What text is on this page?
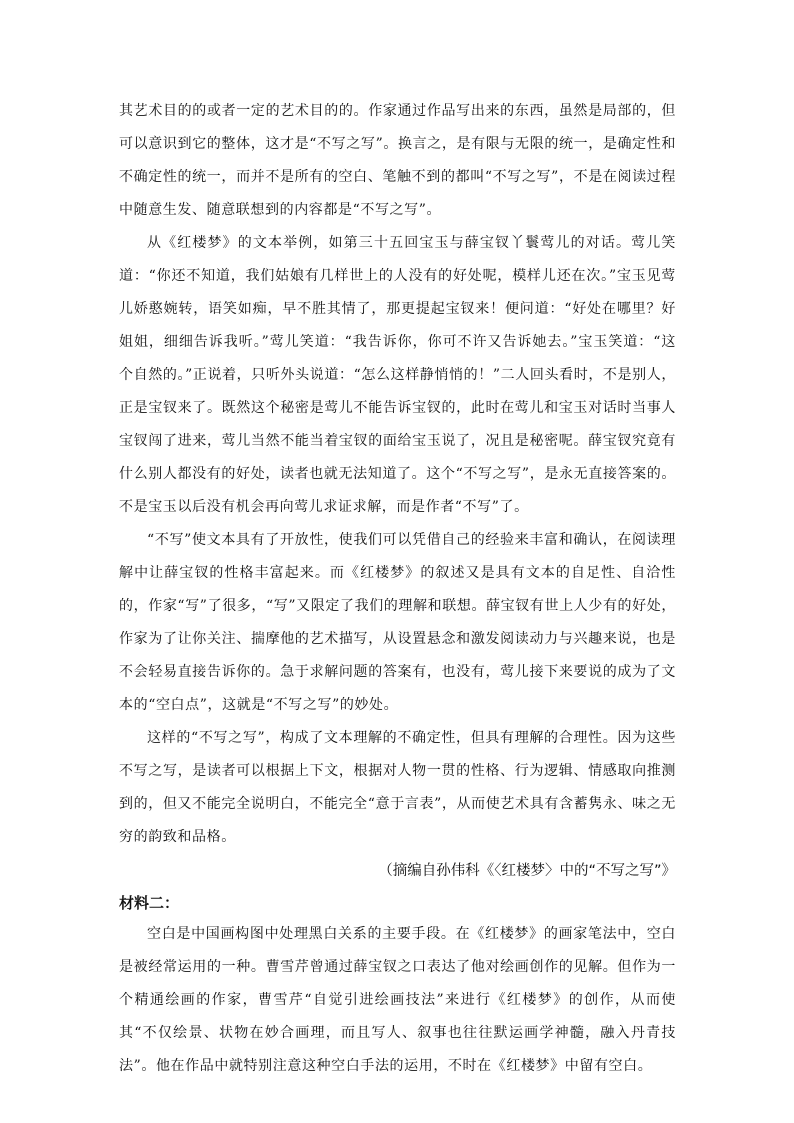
其艺术目的的或者一定的艺术目的的。作家通过作品写出来的东西，虽然是局部的，但可以意识到它的整体，这才是“不写之写”。换言之，是有限与无限的统一，是确定性和不确定性的统一，而并不是所有的空白、笔触不到的都叫“不写之写”，不是在阅读过程中随意生发、随意联想到的内容都是“不写之写”。

从《红楼梦》的文本举例，如第三十五回宝玉与薛宝钗丫鬟莺儿的对话。莺儿笑道：“你还不知道，我们姑娘有几样世上的人没有的好处呢，模样儿还在次。”宝玉见莺儿娇憨婉转，语笑如痴，早不胜其情了，那更提起宝钗来！便问道：“好处在哪里？好姐姐，细细告诉我听。”莺儿笑道：“我告诉你，你可不许又告诉她去。”宝玉笑道：“这个自然的。”正说着，只听外头说道：“怎么这样静悄悄的！”二人回头看时，不是别人，正是宝钗来了。既然这个秘密是莺儿不能告诉宝钗的，此时在莺儿和宝玉对话时当事人宝钗闯了进来，莺儿当然不能当着宝钗的面给宝玉说了，况且是秘密呢。薛宝钗究竟有什么别人都没有的好处，读者也就无法知道了。这个“不写之写”，是永无直接答案的。不是宝玉以后没有机会再向莺儿求证求解，而是作者“不写”了。

“不写”使文本具有了开放性，使我们可以凭借自己的经验来丰富和确认，在阅读理解中让薛宝钗的性格丰富起来。而《红楼梦》的叙述又是具有文本的自足性、自洽性的，作家“写”了很多，“写”又限定了我们的理解和联想。薛宝钗有世上人少有的好处，作家为了让你关注、揣摩他的艺术描写，从设置悬念和激发阅读动力与兴趣来说，也是不会轻易直接告诉你的。急于求解问题的答案有，也没有，莺儿接下来要说的成为了文本的“空白点”，这就是“不写之写”的妙处。

这样的“不写之写”，构成了文本理解的不确定性，但具有理解的合理性。因为这些不写之写，是读者可以根据上下文，根据对人物一贯的性格、行为逻辑、情感取向推测到的，但又不能完全说明白，不能完全“意于言表”，从而使艺术具有含蓄隽永、味之无穷的韵致和品格。

（摘编自孙伟科《〈红楼梦〉中的“不写之写”》

材料二：

空白是中国画构图中处理黑白关系的主要手段。在《红楼梦》的画家笔法中，空白是被经常运用的一种。曹雪芹曾通过薛宝钗之口表达了他对绘画创作的见解。但作为一个精通绘画的作家，曹雪芹“自觉引进绘画技法”来进行《红楼梦》的创作，从而使其“不仅绘景、状物在妙合画理，而且写人、叙事也往往默运画学神髓，融入丹青技法”。他在作品中就特别注意这种空白手法的运用，不时在《红楼梦》中留有空白。
